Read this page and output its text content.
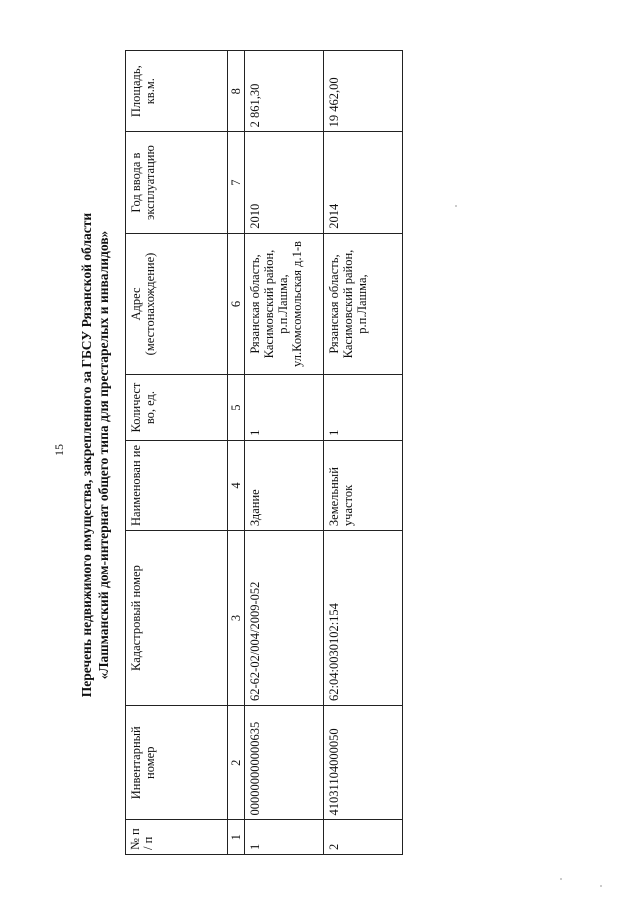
15 Перечень недвижимого имущества, закрепленного за ГБСУ Рязанской области «Лашманский дом-интернат общего типа для престарелых и инвалидов»
№ п / п	Инвентарный номер	Кадастровый номер	Наименован ие	Количест во, ед.	Адрес (местонахождение)	Год ввода в эксплуатацию	Площадь, кв.м.
1	2	3	4	5	6	7	8
1	000000000000635	62-62-02/004/2009-052	Здание	1	Рязанская область, Касимовский район, р.п.Лашма, ул.Комсомольская д.1-в	2010	2 861,30
2	41031104000050	62:04:0030102:154	Земельный участок	1	Рязанская область, Касимовский район, р.п.Лашма,	2014	19 462,00
